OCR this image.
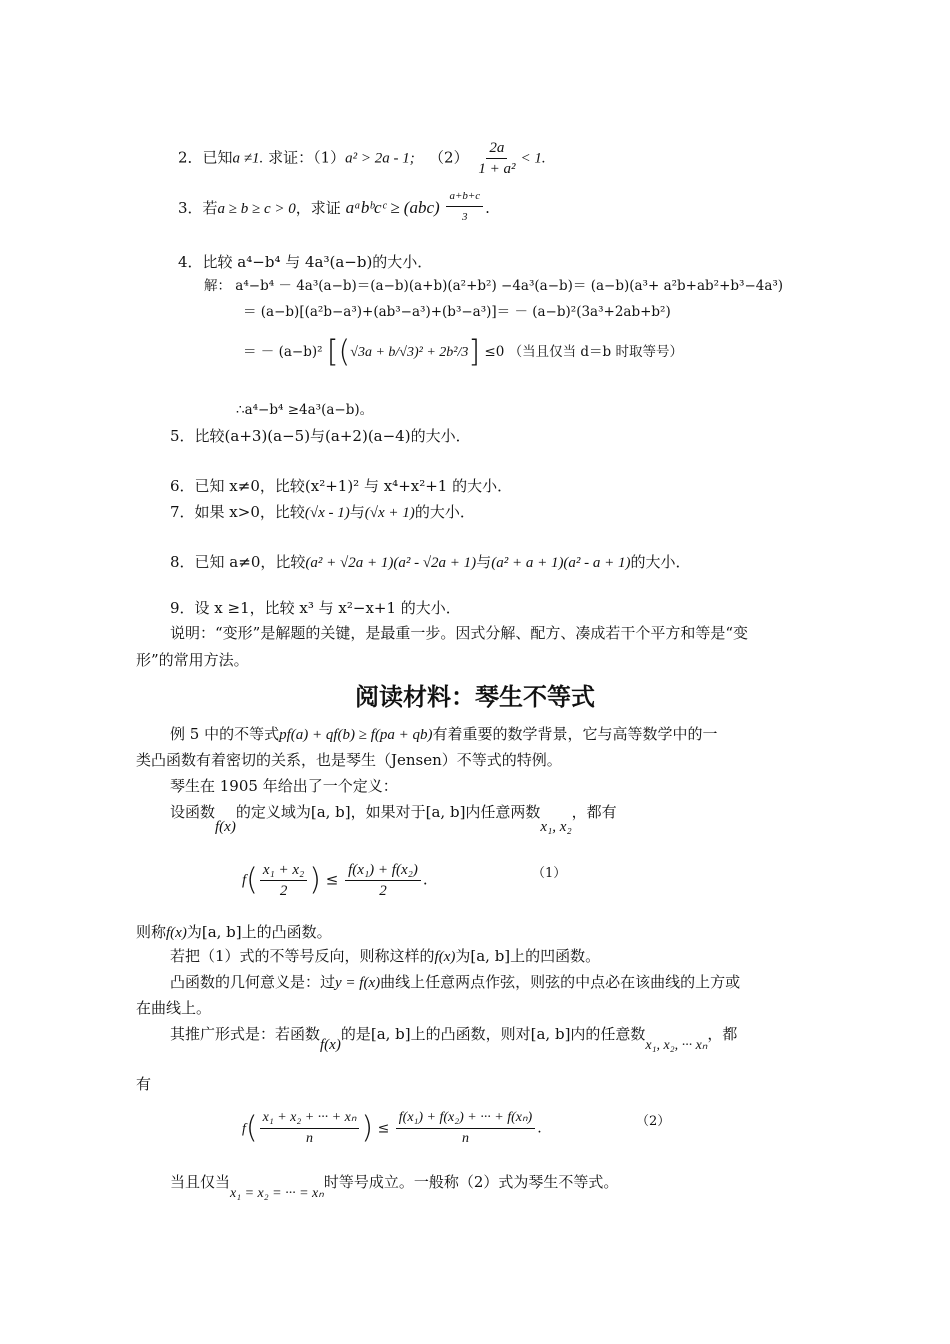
2．已知a ≠1. 求证：（1）a² > 2a - 1; $(2) \frac{2a}{\text{1 + a²}} < 1$.
3．若a ≥ b ≥ c > 0，求证 aᵃbᵇcᶜ ≥ $(abc) \frac{a+b+c}{3}$ .
4．比较 a⁴−b⁴ 与 4a³(a−b)的大小．
解： a⁴−b⁴ － 4a³(a−b)＝(a−b)(a+b)(a²+b²) −4a³(a−b)＝ (a−b)(a³+ a²b+ab²+b³−4a³)
＝ (a−b)[(a²b−a³)+(ab³−a³)+(b³−a³)]＝ － (a−b)²(3a³+2ab+b²)
＝ － (a−b)² [(√3a + b/√3)² + 2b²/3] ≤0 （当且仅当 d＝b 时取等号）
∴a⁴−b⁴ ≥4a³(a−b)。
5．比较(a+3)(a−5)与(a+2)(a−4)的大小．
6．已知 x≠0，比较(x²+1)² 与 x⁴+x²+1 的大小．
7．如果 x>0，比较(√x - 1)与(√x + 1)的大小．
8．已知 a≠0，比较(a² + √2a + 1)(a² - √2a + 1)与(a² + a + 1)(a² - a + 1)的大小．
9．设 x ≥1，比较 x³ 与 x²−x+1 的大小．
说明：“变形”是解题的关键，是最重一步。因式分解、配方、凑成若干个平方和等是“变
形”的常用方法。
阅读材料：琴生不等式
例 5 中的不等式pf(a) + qf(b) ≥ f(pa + qb)有着重要的数学背景，它与高等数学中的一
类凸函数有着密切的关系，也是琴生（Jensen）不等式的特例。
琴生在 1905 年给出了一个定义：
设函数f(x)的定义域为[a, b]，如果对于[a, b]内任意两数x₁, x₂，都有
$f( \frac{\text{x₁ + x₂}}{2}$ ) ≤ $\frac{\text{f(x₁) + f(x₂)}}{2}$ .	（1）
则称f(x)为[a, b]上的凸函数。
若把（1）式的不等号反向，则称这样的f(x)为[a, b]上的凹函数。
凸函数的几何意义是：过y = f(x)曲线上任意两点作弦，则弦的中点必在该曲线的上方或
在曲线上。
其推广形式是：若函数f(x)的是[a, b]上的凸函数，则对[a, b]内的任意数x₁, x₂, ··· xₙ，都
有
$f( \frac{\text{x₁ + x₂ + ··· + xₙ}}{n}$ ) ≤ $\frac{\text{f(x₁) + f(x₂) + ··· + f(xₙ)}}{n}$ .	（2）
当且仅当x₁ = x₂ = ··· = xₙ时等号成立。一般称（2）式为琴生不等式。
